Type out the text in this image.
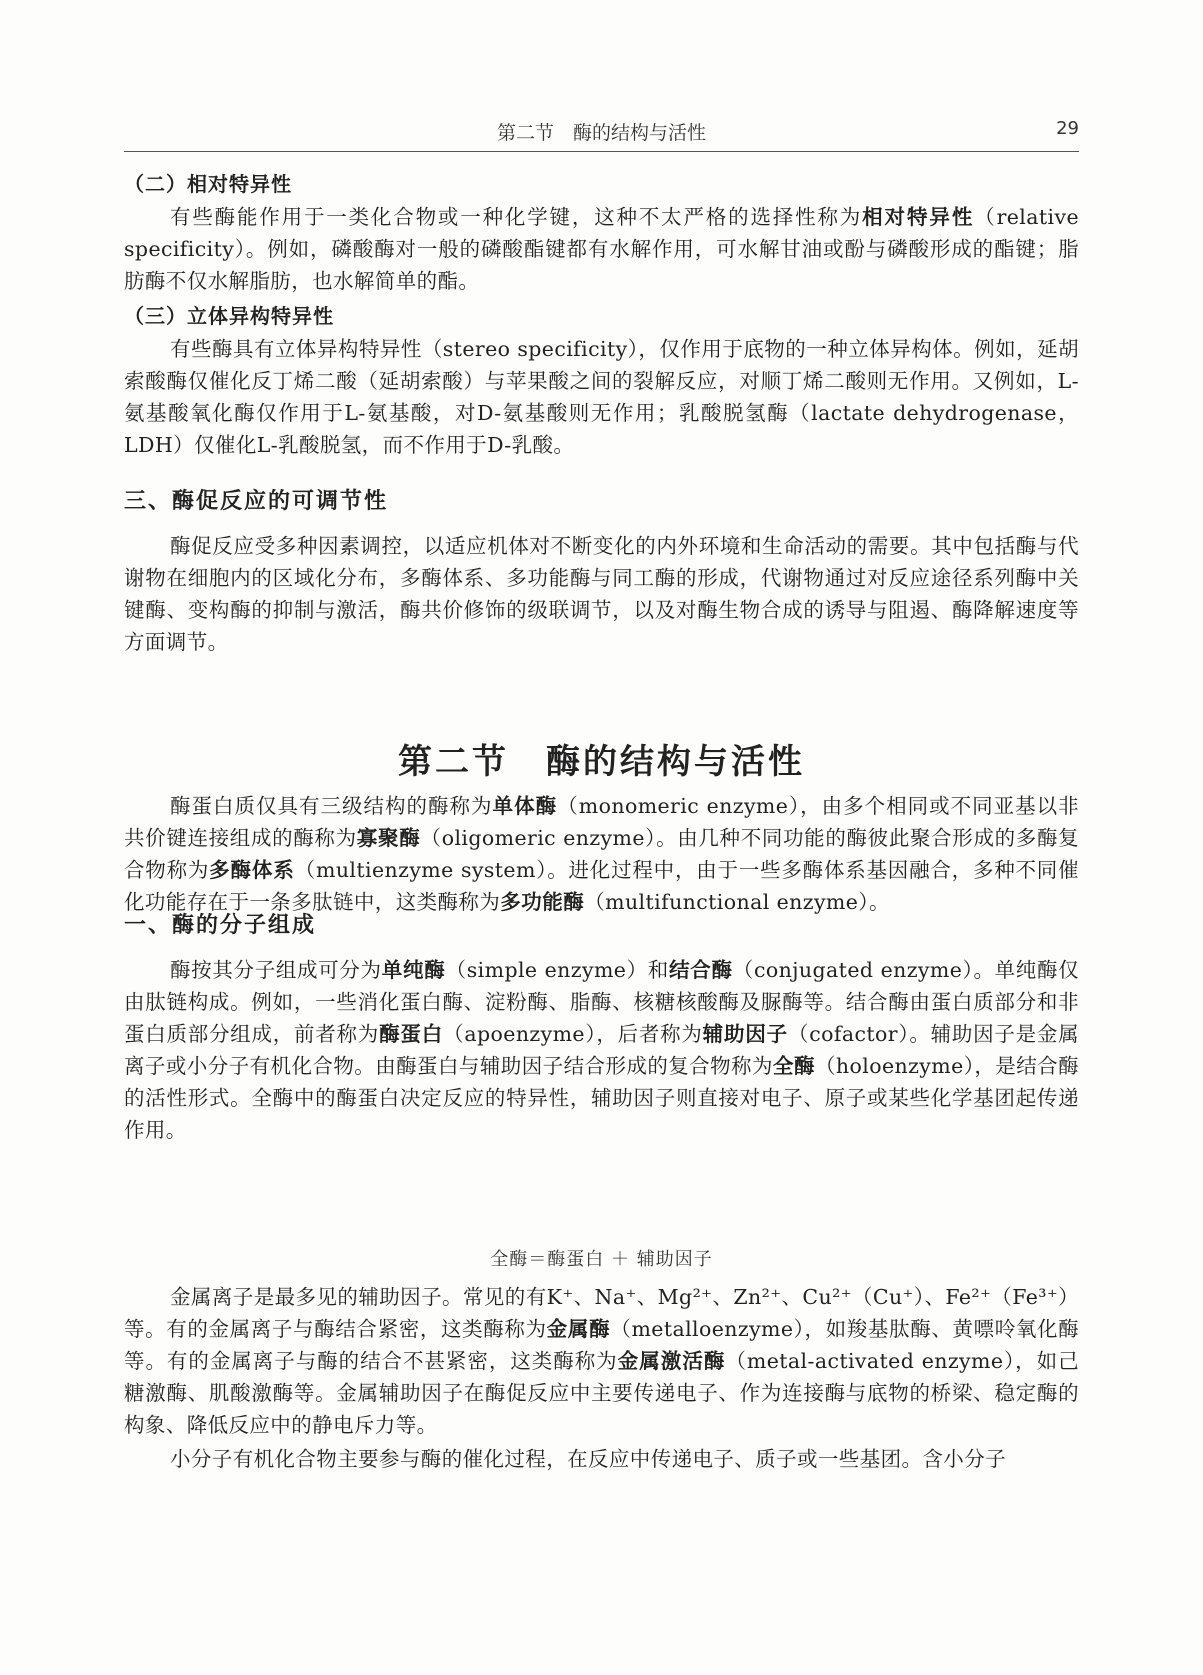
第二节　酶的结构与活性	29
（二）相对特异性

有些酶能作用于一类化合物或一种化学键，这种不太严格的选择性称为相对特异性（relative specificity）。例如，磷酸酶对一般的磷酸酯键都有水解作用，可水解甘油或酚与磷酸形成的酯键；脂肪酶不仅水解脂肪，也水解简单的酯。

（三）立体异构特异性

有些酶具有立体异构特异性（stereo specificity），仅作用于底物的一种立体异构体。例如，延胡索酸酶仅催化反丁烯二酸（延胡索酸）与苹果酸之间的裂解反应，对顺丁烯二酸则无作用。又例如，L-氨基酸氧化酶仅作用于L-氨基酸，对D-氨基酸则无作用；乳酸脱氢酶（lactate dehydrogenase，LDH）仅催化L-乳酸脱氢，而不作用于D-乳酸。

三、酶促反应的可调节性

酶促反应受多种因素调控，以适应机体对不断变化的内外环境和生命活动的需要。其中包括酶与代谢物在细胞内的区域化分布，多酶体系、多功能酶与同工酶的形成，代谢物通过对反应途径系列酶中关键酶、变构酶的抑制与激活，酶共价修饰的级联调节，以及对酶生物合成的诱导与阻遏、酶降解速度等方面调节。

第二节　酶的结构与活性

酶蛋白质仅具有三级结构的酶称为单体酶（monomeric enzyme），由多个相同或不同亚基以非共价键连接组成的酶称为寡聚酶（oligomeric enzyme）。由几种不同功能的酶彼此聚合形成的多酶复合物称为多酶体系（multienzyme system）。进化过程中，由于一些多酶体系基因融合，多种不同催化功能存在于一条多肽链中，这类酶称为多功能酶（multifunctional enzyme）。

一、酶的分子组成

酶按其分子组成可分为单纯酶（simple enzyme）和结合酶（conjugated enzyme）。单纯酶仅由肽链构成。例如，一些消化蛋白酶、淀粉酶、脂酶、核糖核酸酶及脲酶等。结合酶由蛋白质部分和非蛋白质部分组成，前者称为酶蛋白（apoenzyme），后者称为辅助因子（cofactor）。辅助因子是金属离子或小分子有机化合物。由酶蛋白与辅助因子结合形成的复合物称为全酶（holoenzyme），是结合酶的活性形式。全酶中的酶蛋白决定反应的特异性，辅助因子则直接对电子、原子或某些化学基团起传递作用。

全酶＝酶蛋白 ＋ 辅助因子

金属离子是最多见的辅助因子。常见的有K⁺、Na⁺、Mg²⁺、Zn²⁺、Cu²⁺（Cu⁺）、Fe²⁺（Fe³⁺）等。有的金属离子与酶结合紧密，这类酶称为金属酶（metalloenzyme），如羧基肽酶、黄嘌呤氧化酶等。有的金属离子与酶的结合不甚紧密，这类酶称为金属激活酶（metal-activated enzyme），如己糖激酶、肌酸激酶等。金属辅助因子在酶促反应中主要传递电子、作为连接酶与底物的桥梁、稳定酶的构象、降低反应中的静电斥力等。

小分子有机化合物主要参与酶的催化过程，在反应中传递电子、质子或一些基团。含小分子
